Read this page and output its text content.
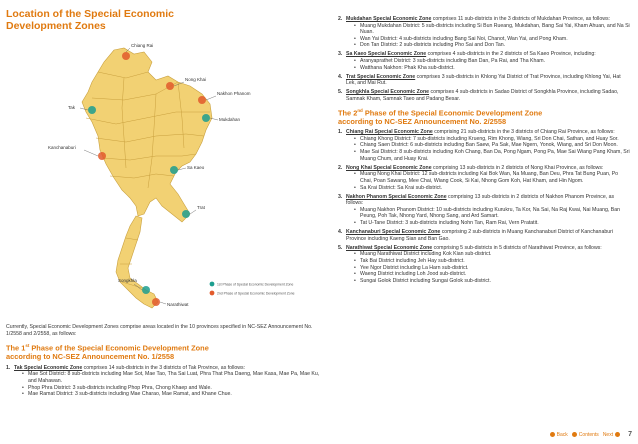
Location of the Special Economic
Development Zones
Chiang Rai
Nong Khai
Nakhon Phanom
Mukdahan
Tak
Kanchanaburi
Sa Kaeo
Trat
Songkhla
Narathiwat
1st Phase of Special Economic Development Zone
2nd Phase of Special Economic Development Zone

Currently, Special Economic Development Zones comprise areas located in the 10 provinces specified in NC-SEZ Announcement No. 1/2558 and 2/2558, as follows:

The 1st Phase of the Special Economic Development Zone
according to NC-SEZ Announcement No. 1/2558
1. Tak Special Economic Zone comprises 14 sub-districts in the 3 districts of Tak Province, as follows:
• Mae Sot District: 8 sub-districts including Mae Sot, Mae Tao, Tha Sai Luat, Phra That Pha Daeng, Mae Kasa, Mae Pa, Mae Ku, and Mahawan.
• Phop Phra District: 3 sub-districts including Phop Phra, Chong Khaep and Wale.
• Mae Ramat District: 3 sub-districts including Mae Charao, Mae Ramat, and Khane Chue.
2. Mukdahan Special Economic Zone comprises 11 sub-districts in the 3 districts of Mukdahan Province, as follows:
• Muang Mukdahan District: 5 sub-districts including Si Bun Rueang, Mukdahan, Bang Sai Yai, Kham Ahuan, and Na Si Nuan.
• Wan Yai District: 4 sub-districts including Bang Sai Noi, Chanot, Wan Yai, and Pong Kham.
• Don Tan District: 2 sub-districts including Pho Sai and Don Tan.
3. Sa Kaeo Special Economic Zone comprises 4 sub-districts in the 2 districts of Sa Kaeo Province, including:
• Aranyaprathet District: 3 sub-districts including Ban Dan, Pa Rai, and Tha Kham.
• Watthana Nakhon: Phak Kha sub-district.
4. Trat Special Economic Zone comprises 3 sub-districts in Khlong Yai District of Trat Province, including Khlong Yai, Hat Lek, and Mai Rut.
5. Songkhla Special Economic Zone comprises 4 sub-districts in Sadao District of Songkhla Province, including Sadao, Samnak Kham, Samnak Taeo and Padang Besar.
The 2nd Phase of the Special Economic Development Zone
according to NC-SEZ Announcement No. 2/2558
1. Chiang Rai Special Economic Zone comprising 21 sub-districts in the 3 districts of Chiang Rai Province, as follows:
• Chiang Khong District: 7 sub-districts including Krueng, Rim Khong, Wiang, Sri Don Chai, Sathan, and Huay Sor.
• Chiang Saen District: 6 sub-districts including Ban Saew, Pa Sak, Mae Ngern, Yonok, Wiang, and Sri Don Moon.
• Mae Sai District: 8 sub-districts including Koh Chang, Ban Da, Pong Ngam, Pong Pa, Mae Sai Wiang Pang Kham, Sri Muang Chum, and Huay Krai.
2. Nong Khai Special Economic Zone comprising 13 sub-districts in 2 districts of Nong Khai Province, as follows:
• Muang Nong Khai District: 12 sub-districts including Kai Bok Wan, Na Muang, Ban Deu, Phra Tat Bung Puan, Po Chai, Poan Sawang, Mee Chai, Wiang Cook, Si Kai, Nhong Gom Koh, Hat Kham, and Hin Ngom.
• Sa Krai District: Sa Krai sub-district.
3. Nakhon Phanom Special Economic Zone comprising 13 sub-districts in 2 districts of Nakhon Phanom Province, as follows:
• Muang Nakhon Phanom District: 10 sub-districts including Kurukru, Ta Kor, Na Sai, Na Raj Kwai, Nai Muang, Ban Peung, Poh Tak, Nhong Yard, Nhong Sang, and Ard Samart.
• Tat U-Tane District: 3 sub-districts including Nohn Tan, Ram Rai, Vern Pratatit.
4. Kanchanaburi Special Economic Zone comprising 2 sub-districts in Muang Kanchanaburi District of Kanchanaburi Province including Kaeng Sian and Ban Gao.
5. Narathiwat Special Economic Zone comprising 5 sub-districts in 5 districts of Narathiwat Province, as follows:
• Muang Narathiwat District including Kok Kian sub-district.
• Tak Bai District including Jeh Hay sub-district.
• Yee Ngor District including La Harn sub-district.
• Waeng District including Loh Jood sub-district.
• Sungai Golok District including Sungai Golok sub-district.
Back Contents Next 7
